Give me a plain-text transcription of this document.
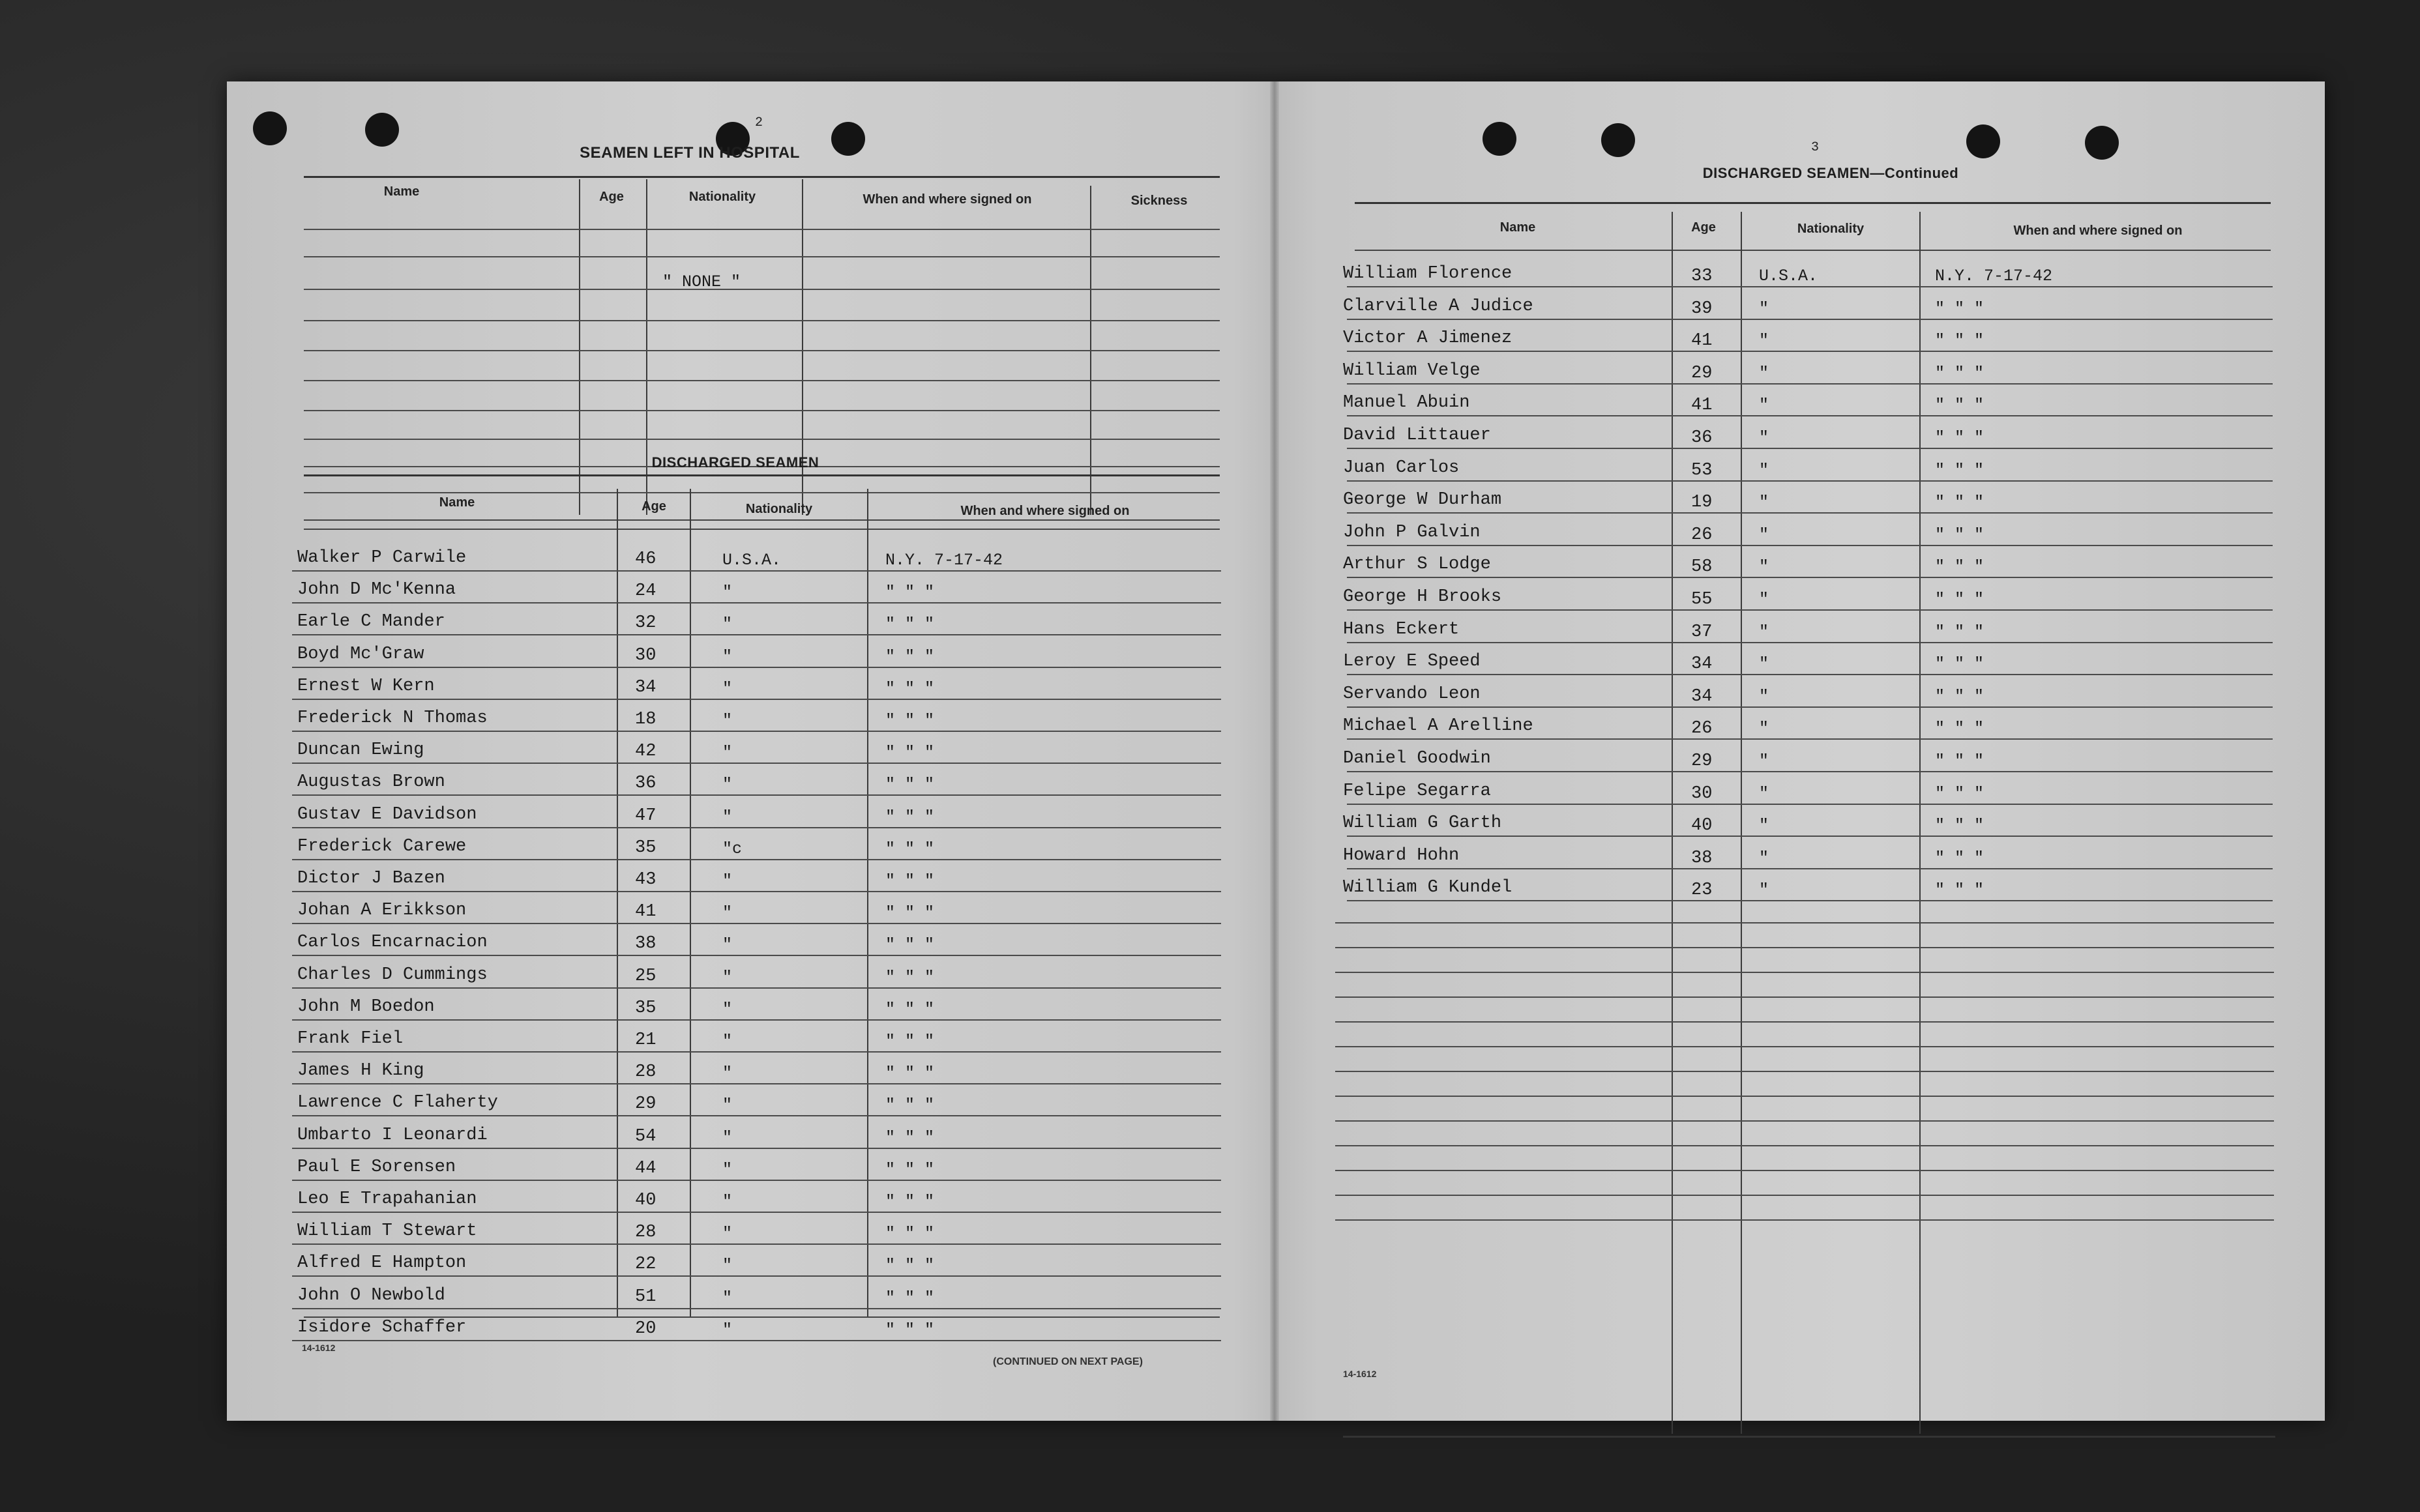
2
SEAMEN LEFT IN HOSPITAL
Name	Age	Nationality	When and where signed on	Sickness
" NONE "
DISCHARGED SEAMEN
Name	Age	Nationality	When and where signed on
Walker P Carwile	46	U.S.A.	N.Y. 7-17-42
John D Mc'Kenna	24	"	" " "
Earle C Mander	32	"	" " "
Boyd Mc'Graw	30	"	" " "
Ernest W Kern	34	"	" " "
Frederick N Thomas	18	"	" " "
Duncan Ewing	42	"	" " "
Augustas Brown	36	"	" " "
Gustav E Davidson	47	"	" " "
Frederick Carewe	35	"c	" " "
Dictor J Bazen	43	"	" " "
Johan A Erikkson	41	"	" " "
Carlos Encarnacion	38	"	" " "
Charles D Cummings	25	"	" " "
John M Boedon	35	"	" " "
Frank Fiel	21	"	" " "
James H King	28	"	" " "
Lawrence C Flaherty	29	"	" " "
Umbarto I Leonardi	54	"	" " "
Paul E Sorensen	44	"	" " "
Leo E Trapahanian	40	"	" " "
William T Stewart	28	"	" " "
Alfred E Hampton	22	"	" " "
John O Newbold	51	"	" " "
Isidore Schaffer	20	"	" " "
14-1612
(CONTINUED ON NEXT PAGE)
3
DISCHARGED SEAMEN—Continued
Name	Age	Nationality	When and where signed on
William Florence	33	U.S.A.	N.Y. 7-17-42
Clarville A Judice	39	"	" " "
Victor A Jimenez	41	"	" " "
William Velge	29	"	" " "
Manuel Abuin	41	"	" " "
David Littauer	36	"	" " "
Juan Carlos	53	"	" " "
George W Durham	19	"	" " "
John P Galvin	26	"	" " "
Arthur S Lodge	58	"	" " "
George H Brooks	55	"	" " "
Hans Eckert	37	"	" " "
Leroy E Speed	34	"	" " "
Servando Leon	34	"	" " "
Michael A Arelline	26	"	" " "
Daniel Goodwin	29	"	" " "
Felipe Segarra	30	"	" " "
William G Garth	40	"	" " "
Howard Hohn	38	"	" " "
William G Kundel	23	"	" " "
14-1612
